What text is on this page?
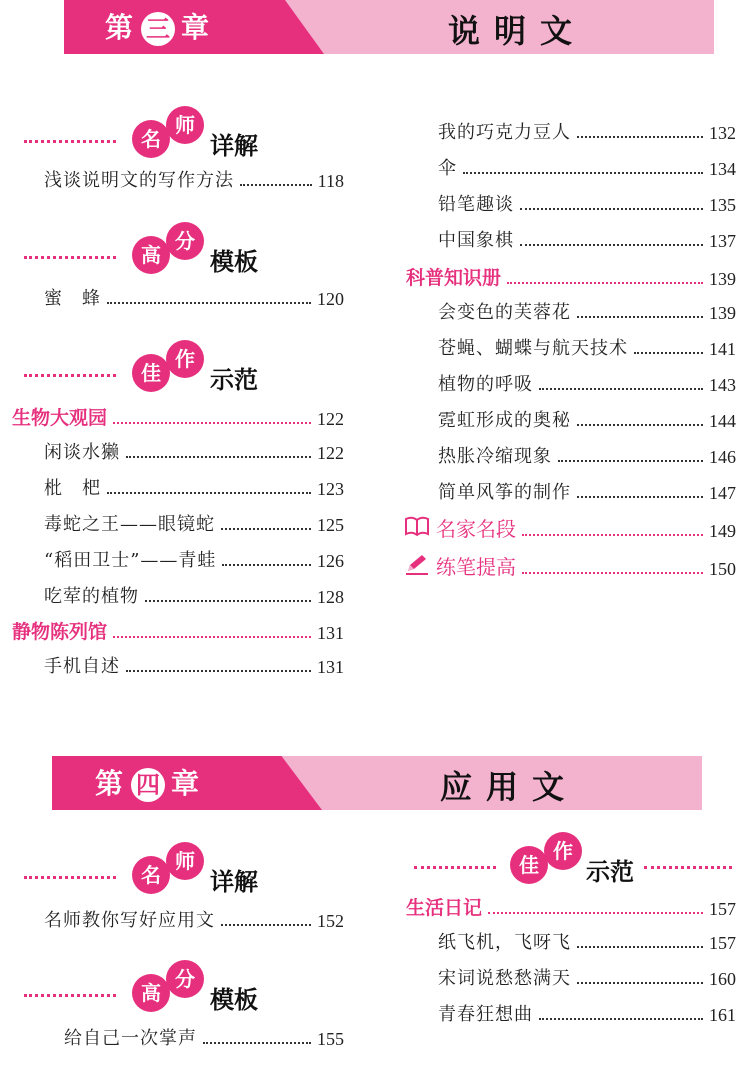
第 三 章	说明文
名
师
详解
浅谈说明文的写作方法	118
高
分
模板
蜜　蜂	120
佳
作
示范
生物大观园	122
闲谈水獭	122
枇　杷	123
毒蛇之王——眼镜蛇	125
“稻田卫士”——青蛙	126
吃荤的植物	128
静物陈列馆	131
手机自述	131
我的巧克力豆人	132
伞	134
铅笔趣谈	135
中国象棋	137
科普知识册	139
会变色的芙蓉花	139
苍蝇、蝴蝶与航天技术	141
植物的呼吸	143
霓虹形成的奥秘	144
热胀冷缩现象	146
简单风筝的制作	147
名家名段	149
练笔提高	150
第 四 章	应用文
名
师
详解
名师教你写好应用文	152
高
分
模板
给自己一次掌声	155
佳
作
示范
生活日记	157
纸飞机，飞呀飞	157
宋词说愁愁满天	160
青春狂想曲	161
